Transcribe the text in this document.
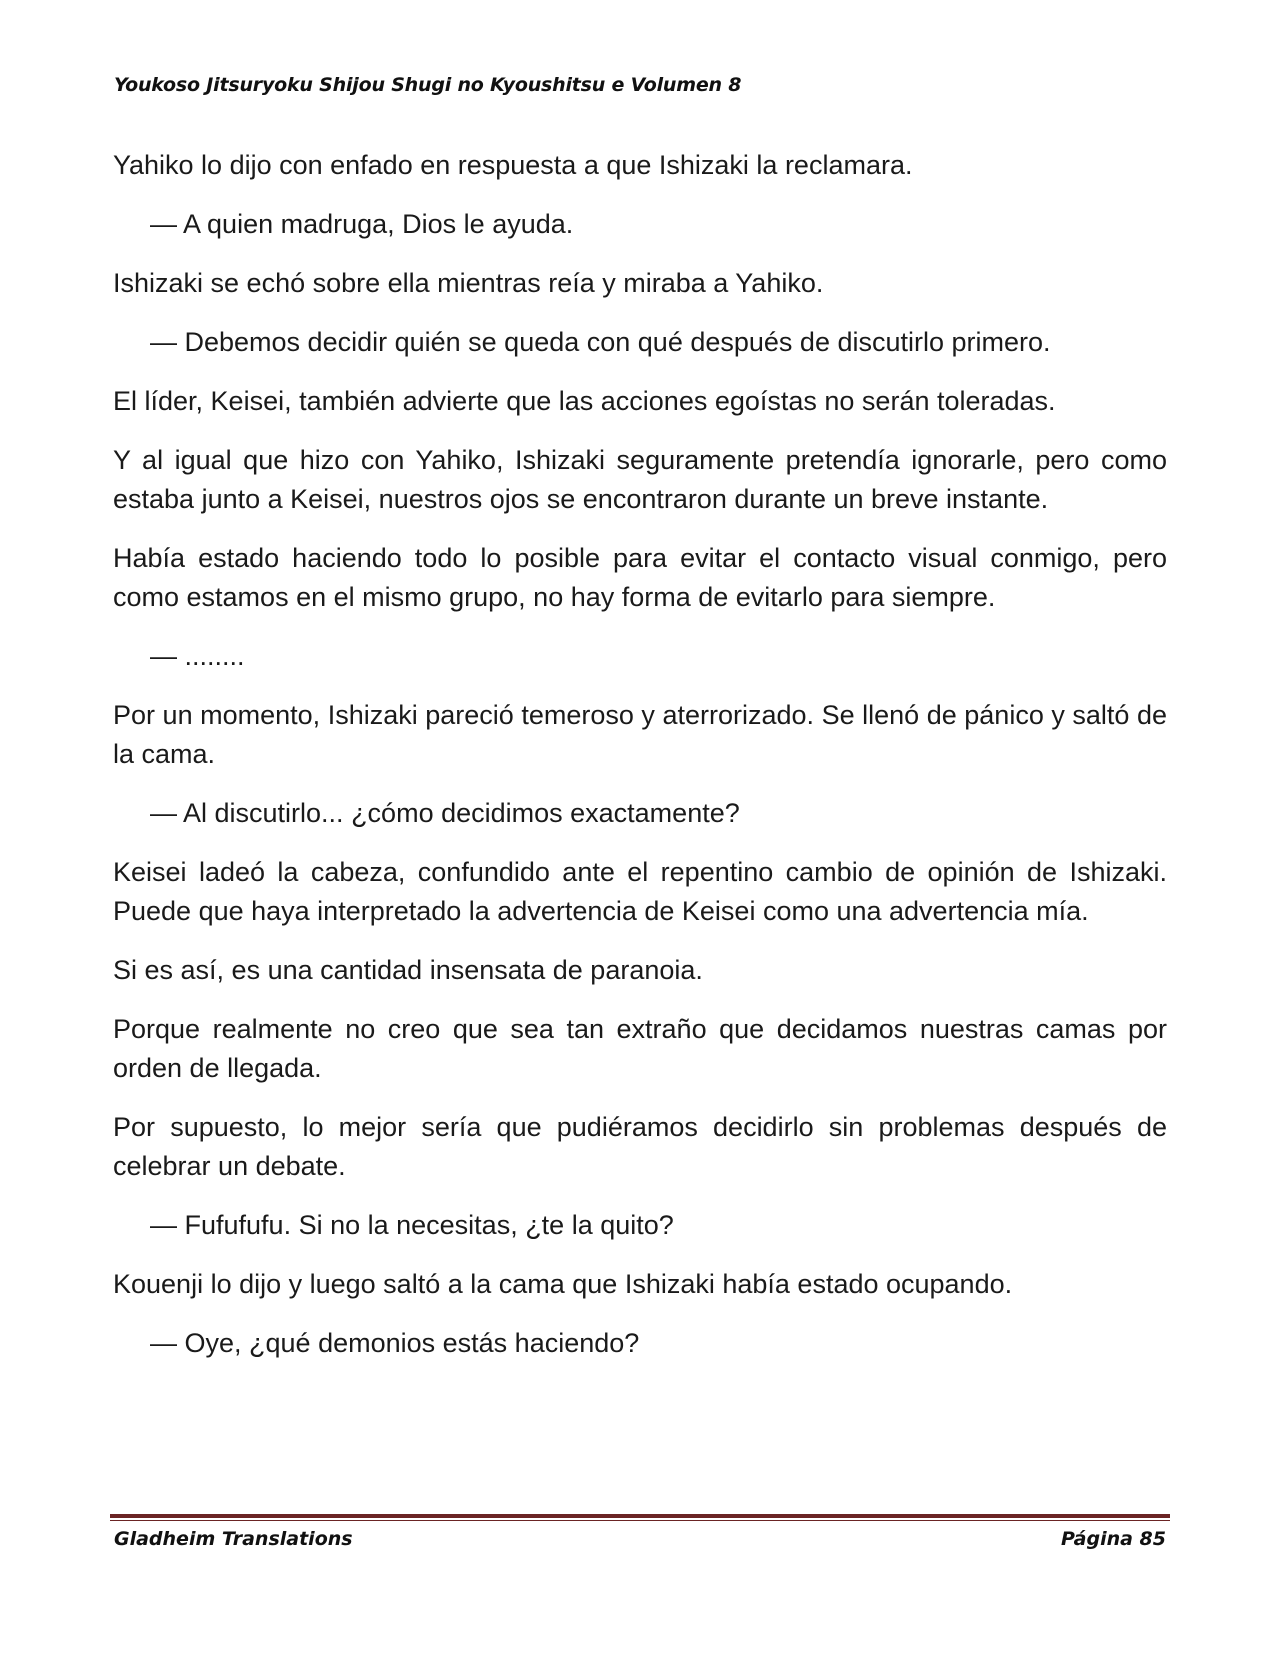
Youkoso Jitsuryoku Shijou Shugi no Kyoushitsu e Volumen 8

Yahiko lo dijo con enfado en respuesta a que Ishizaki la reclamara.

— A quien madruga, Dios le ayuda.

Ishizaki se echó sobre ella mientras reía y miraba a Yahiko.

— Debemos decidir quién se queda con qué después de discutirlo primero.

El líder, Keisei, también advierte que las acciones egoístas no serán toleradas.

Y al igual que hizo con Yahiko, Ishizaki seguramente pretendía ignorarle, pero como estaba junto a Keisei, nuestros ojos se encontraron durante un breve instante.

Había estado haciendo todo lo posible para evitar el contacto visual conmigo, pero como estamos en el mismo grupo, no hay forma de evitarlo para siempre.

— ........

Por un momento, Ishizaki pareció temeroso y aterrorizado. Se llenó de pánico y saltó de la cama.

— Al discutirlo... ¿cómo decidimos exactamente?

Keisei ladeó la cabeza, confundido ante el repentino cambio de opinión de Ishizaki. Puede que haya interpretado la advertencia de Keisei como una advertencia mía.

Si es así, es una cantidad insensata de paranoia.

Porque realmente no creo que sea tan extraño que decidamos nuestras camas por orden de llegada.

Por supuesto, lo mejor sería que pudiéramos decidirlo sin problemas después de celebrar un debate.

— Fufufufu. Si no la necesitas, ¿te la quito?

Kouenji lo dijo y luego saltó a la cama que Ishizaki había estado ocupando.

— Oye, ¿qué demonios estás haciendo?

Gladheim Translations	Página 85
